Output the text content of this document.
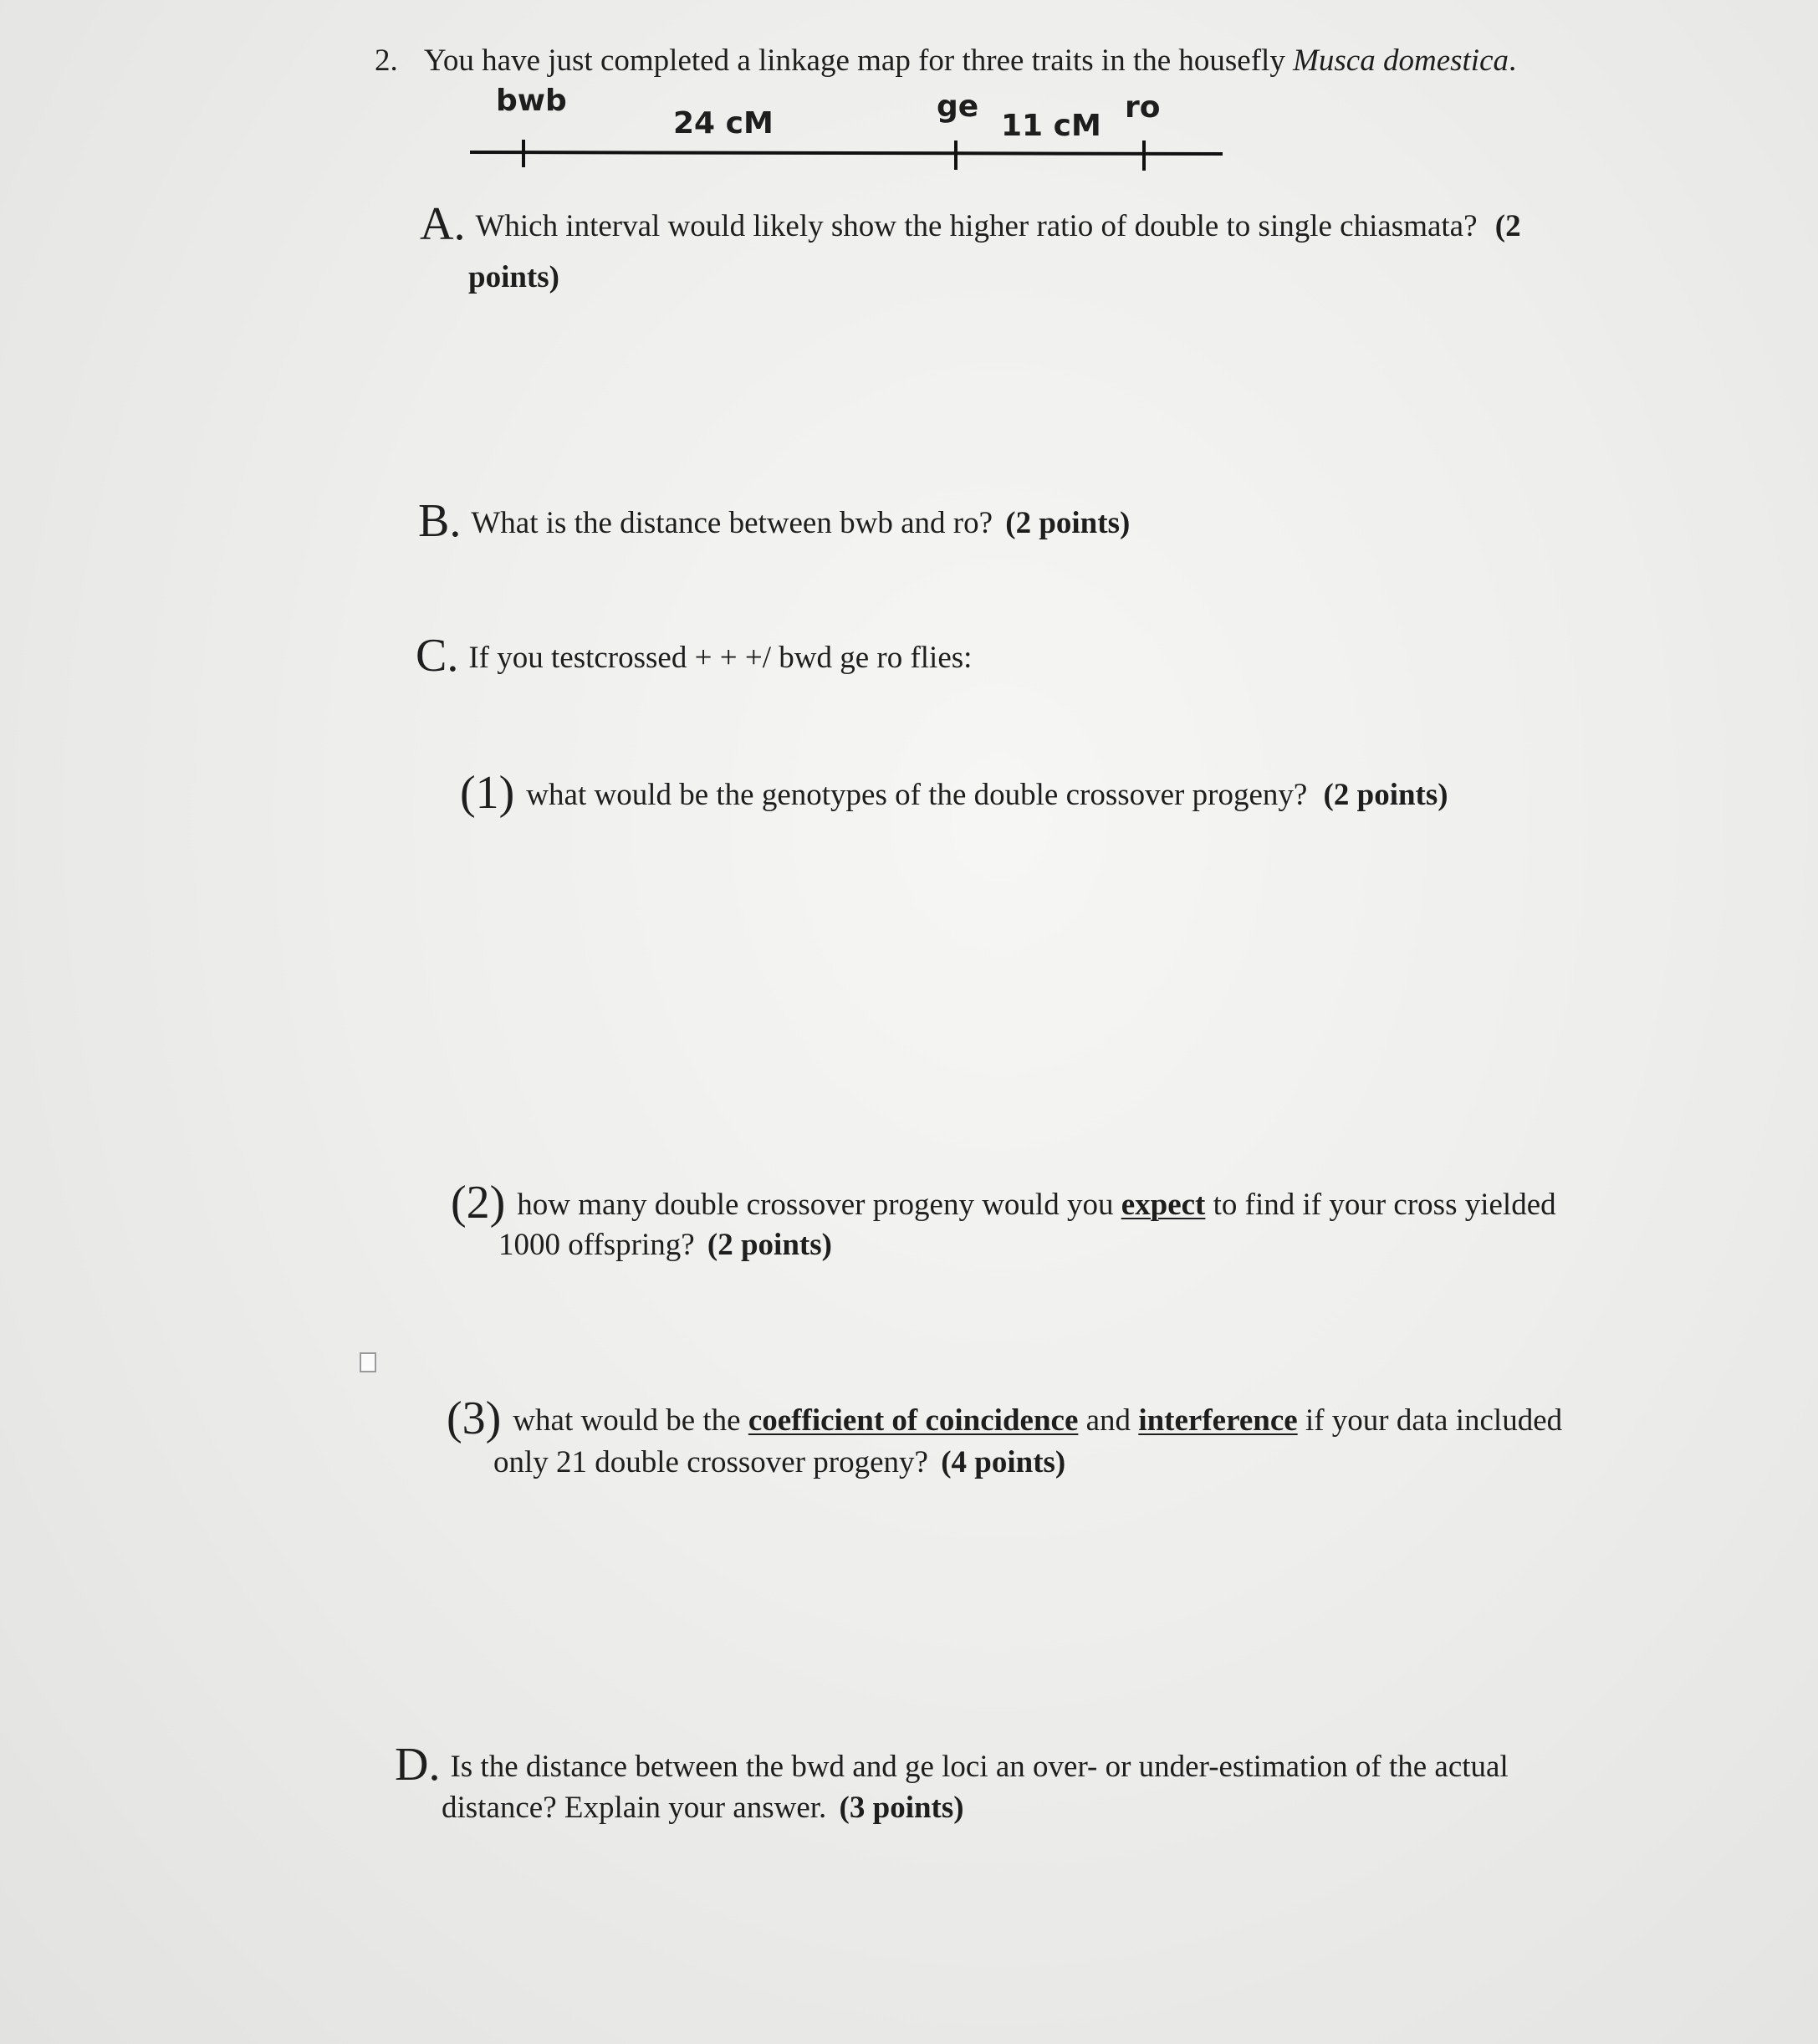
2. You have just completed a linkage map for three traits in the housefly Musca domestica.
bwb
24 cM	ge
11 cM
ro
A. Which interval would likely show the higher ratio of double to single chiasmata? (2
points)
B. What is the distance between bwb and ro? (2 points)
C. If you testcrossed + + +/ bwd ge ro flies:
(1) what would be the genotypes of the double crossover progeny? (2 points)
(2) how many double crossover progeny would you expect to find if your cross yielded
1000 offspring? (2 points)
(3) what would be the coefficient of coincidence and interference if your data included
only 21 double crossover progeny? (4 points)
D. Is the distance between the bwd and ge loci an over- or under-estimation of the actual
distance? Explain your answer. (3 points)
